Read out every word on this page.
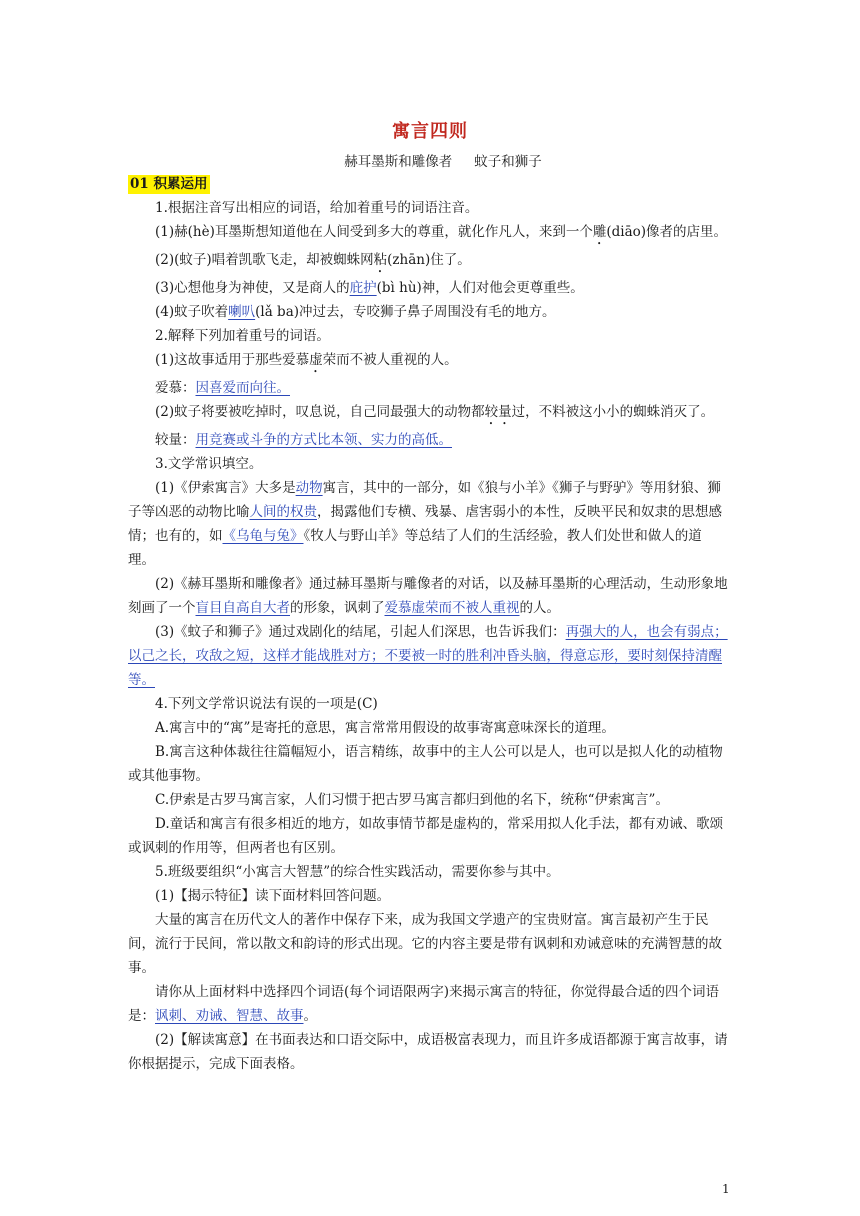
寓言四则
赫耳墨斯和雕像者 蚊子和狮子
01 积累运用

1.根据注音写出相应的词语，给加着重号的词语注音。

(1)赫(hè)耳墨斯想知道他在人间受到多大的尊重，就化作凡人，来到一个雕(diāo)像者的店里。

(2)(蚊子)唱着凯歌飞走，却被蜘蛛网粘(zhān)住了。

(3)心想他身为神使，又是商人的庇护(bì hù)神，人们对他会更尊重些。

(4)蚊子吹着喇叭(lǎ ba)冲过去，专咬狮子鼻子周围没有毛的地方。

2.解释下列加着重号的词语。

(1)这故事适用于那些爱慕虚荣而不被人重视的人。

爱慕：因喜爱而向往。

(2)蚊子将要被吃掉时，叹息说，自己同最强大的动物都较量过，不料被这小小的蜘蛛消灭了。

较量：用竞赛或斗争的方式比本领、实力的高低。

3.文学常识填空。

(1)《伊索寓言》大多是动物寓言，其中的一部分，如《狼与小羊》《狮子与野驴》等用豺狼、狮子等凶恶的动物比喻人间的权贵，揭露他们专横、残暴、虐害弱小的本性，反映平民和奴隶的思想感情；也有的，如《乌龟与兔》《牧人与野山羊》等总结了人们的生活经验，教人们处世和做人的道理。

(2)《赫耳墨斯和雕像者》通过赫耳墨斯与雕像者的对话，以及赫耳墨斯的心理活动，生动形象地刻画了一个盲目自高自大者的形象，讽刺了爱慕虚荣而不被人重视的人。

(3)《蚊子和狮子》通过戏剧化的结尾，引起人们深思，也告诉我们：再强大的人，也会有弱点；以己之长，攻敌之短，这样才能战胜对方；不要被一时的胜利冲昏头脑，得意忘形，要时刻保持清醒等。

4.下列文学常识说法有误的一项是(C)

A.寓言中的“寓”是寄托的意思，寓言常常用假设的故事寄寓意味深长的道理。

B.寓言这种体裁往往篇幅短小，语言精练，故事中的主人公可以是人，也可以是拟人化的动植物或其他事物。

C.伊索是古罗马寓言家，人们习惯于把古罗马寓言都归到他的名下，统称“伊索寓言”。

D.童话和寓言有很多相近的地方，如故事情节都是虚构的，常采用拟人化手法，都有劝诫、歌颂或讽刺的作用等，但两者也有区别。

5.班级要组织“小寓言大智慧”的综合性实践活动，需要你参与其中。

(1)【揭示特征】读下面材料回答问题。

大量的寓言在历代文人的著作中保存下来，成为我国文学遗产的宝贵财富。寓言最初产生于民间，流行于民间，常以散文和韵诗的形式出现。它的内容主要是带有讽刺和劝诫意味的充满智慧的故事。

请你从上面材料中选择四个词语(每个词语限两字)来揭示寓言的特征，你觉得最合适的四个词语是：讽刺、劝诫、智慧、故事。

(2)【解读寓意】在书面表达和口语交际中，成语极富表现力，而且许多成语都源于寓言故事，请你根据提示，完成下面表格。

1
